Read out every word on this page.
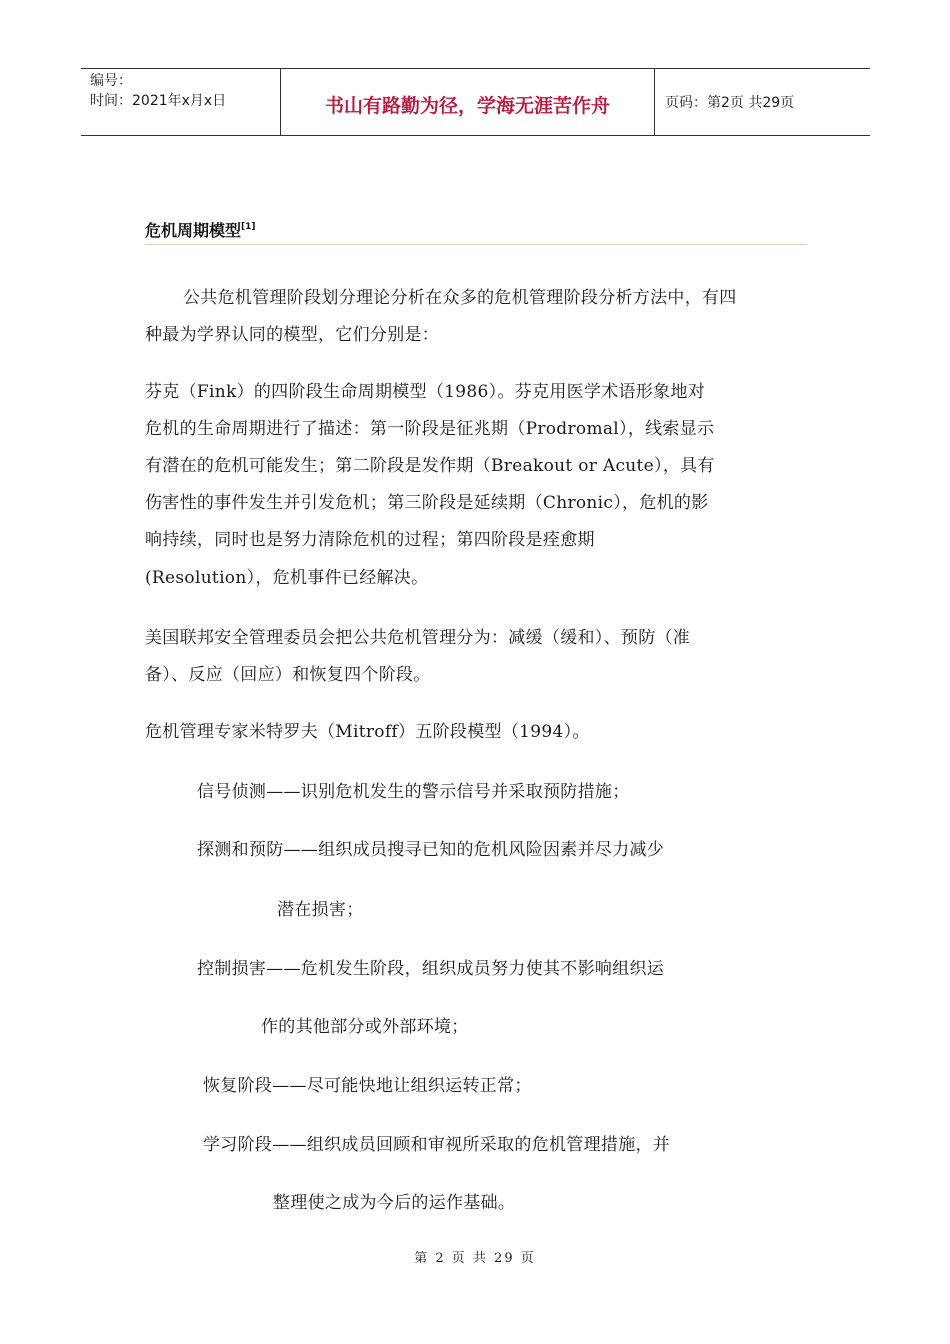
编号：
时间：2021年x月x日	书山有路勤为径，学海无涯苦作舟	页码：第2页 共29页
危机周期模型[1]
公共危机管理阶段划分理论分析在众多的危机管理阶段分析方法中，有四
种最为学界认同的模型，它们分别是：
芬克（Fink）的四阶段生命周期模型（1986）。芬克用医学术语形象地对
危机的生命周期进行了描述：第一阶段是征兆期（Prodromal），线索显示
有潜在的危机可能发生；第二阶段是发作期（Breakout or Acute），具有
伤害性的事件发生并引发危机；第三阶段是延续期（Chronic），危机的影
响持续，同时也是努力清除危机的过程；第四阶段是痊愈期
(Resolution），危机事件已经解决。
美国联邦安全管理委员会把公共危机管理分为：减缓（缓和）、预防（准
备）、反应（回应）和恢复四个阶段。
危机管理专家米特罗夫（Mitroff）五阶段模型（1994）。
信号侦测——识别危机发生的警示信号并采取预防措施；
探测和预防——组织成员搜寻已知的危机风险因素并尽力减少
潜在损害；
控制损害——危机发生阶段，组织成员努力使其不影响组织运
作的其他部分或外部环境；
恢复阶段——尽可能快地让组织运转正常；
学习阶段——组织成员回顾和审视所采取的危机管理措施，并
整理使之成为今后的运作基础。
第 2 页 共 29 页
